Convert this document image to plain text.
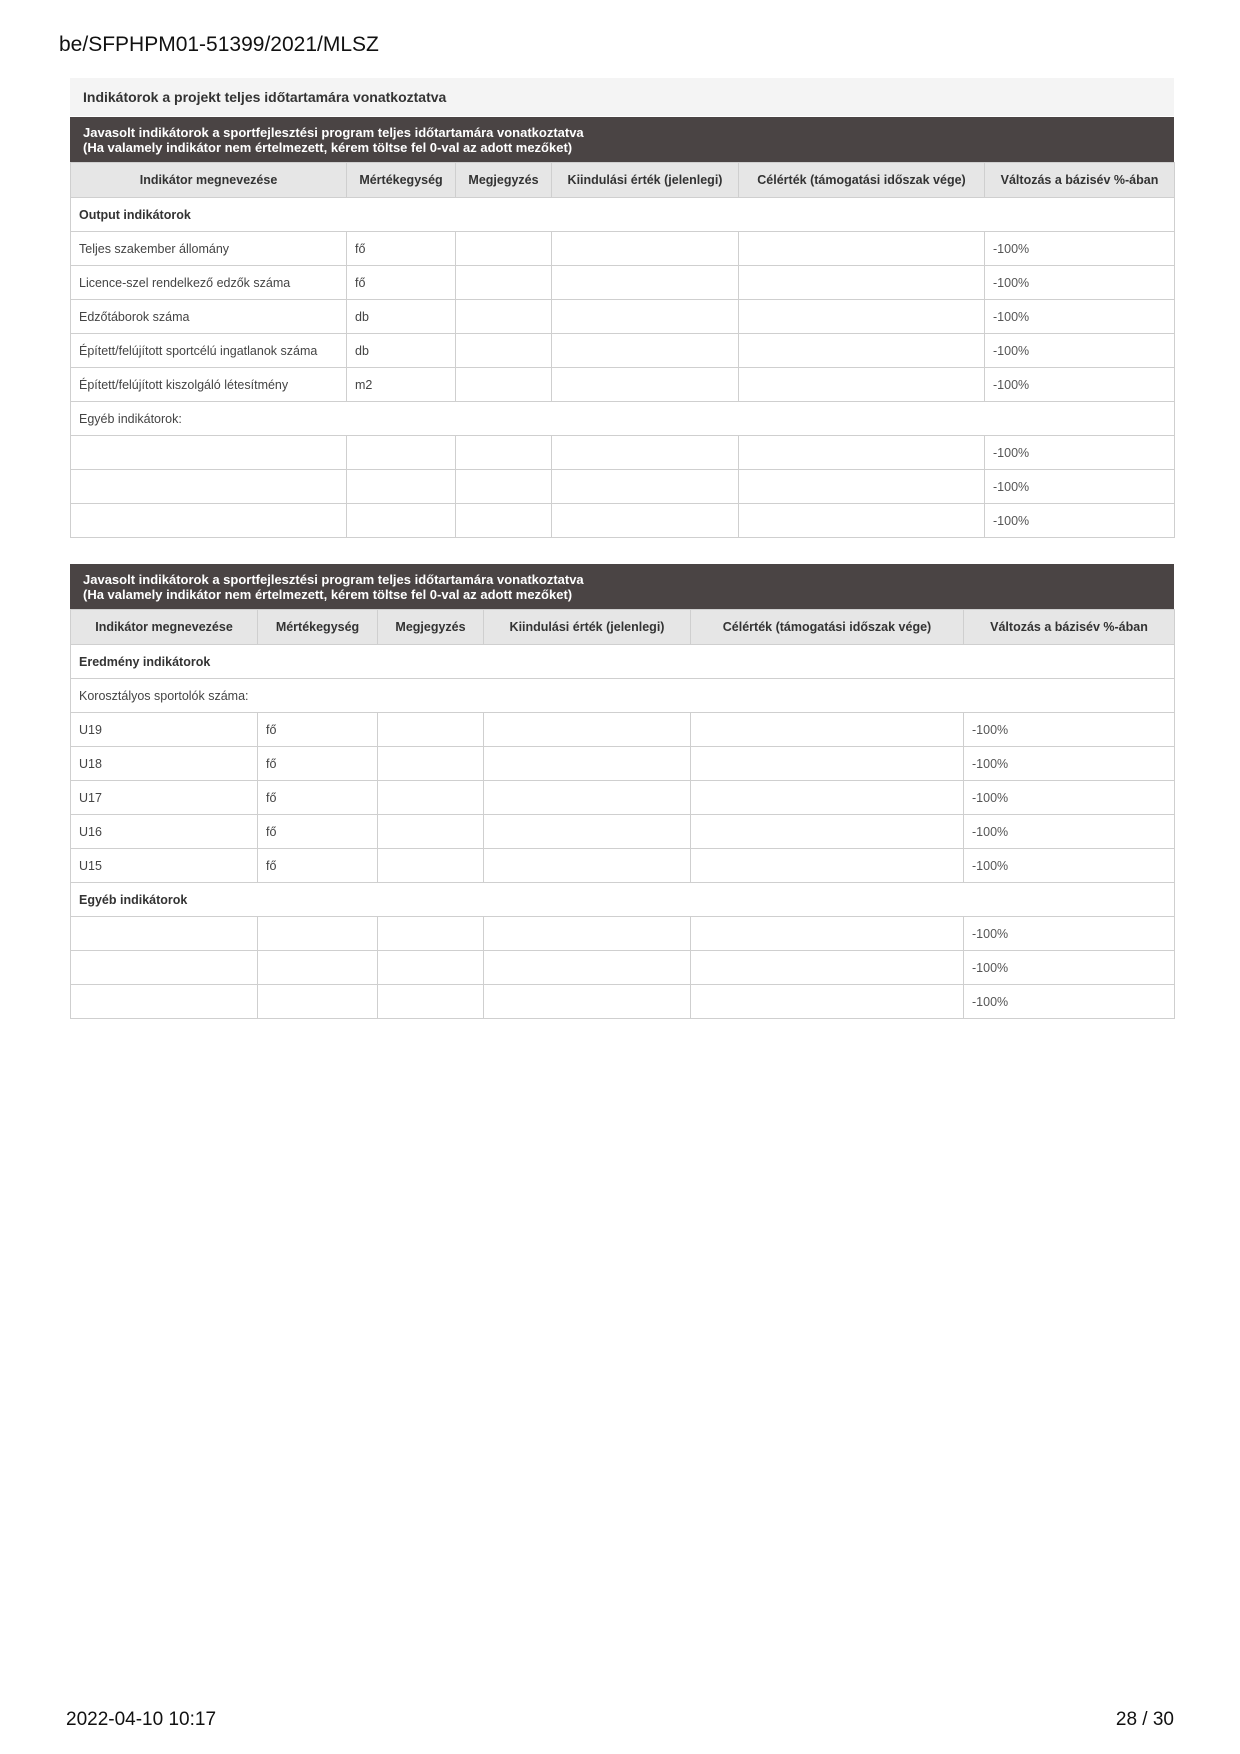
be/SFPHPM01-51399/2021/MLSZ
Indikátorok a projekt teljes időtartamára vonatkoztatva
Javasolt indikátorok a sportfejlesztési program teljes időtartamára vonatkoztatva
(Ha valamely indikátor nem értelmezett, kérem töltse fel 0-val az adott mezőket)
Indikátor megnevezése	Mértékegység	Megjegyzés	Kiindulási érték (jelenlegi)	Célérték (támogatási időszak vége)	Változás a bázisév %-ában
Output indikátorok					
Teljes szakember állomány	fő				-100%
Licence-szel rendelkező edzők száma	fő				-100%
Edzőtáborok száma	db				-100%
Épített/felújított sportcélú ingatlanok száma	db				-100%
Épített/felújított kiszolgáló létesítmény	m2				-100%
Egyéb indikátorok:					
					-100%
					-100%
					-100%
Javasolt indikátorok a sportfejlesztési program teljes időtartamára vonatkoztatva
(Ha valamely indikátor nem értelmezett, kérem töltse fel 0-val az adott mezőket)
Indikátor megnevezése	Mértékegység	Megjegyzés	Kiindulási érték (jelenlegi)	Célérték (támogatási időszak vége)	Változás a bázisév %-ában
Eredmény indikátorok					
Korosztályos sportolók száma:					
U19	fő				-100%
U18	fő				-100%
U17	fő				-100%
U16	fő				-100%
U15	fő				-100%
Egyéb indikátorok					
					-100%
					-100%
					-100%
2022-04-10 10:17	28 / 30
